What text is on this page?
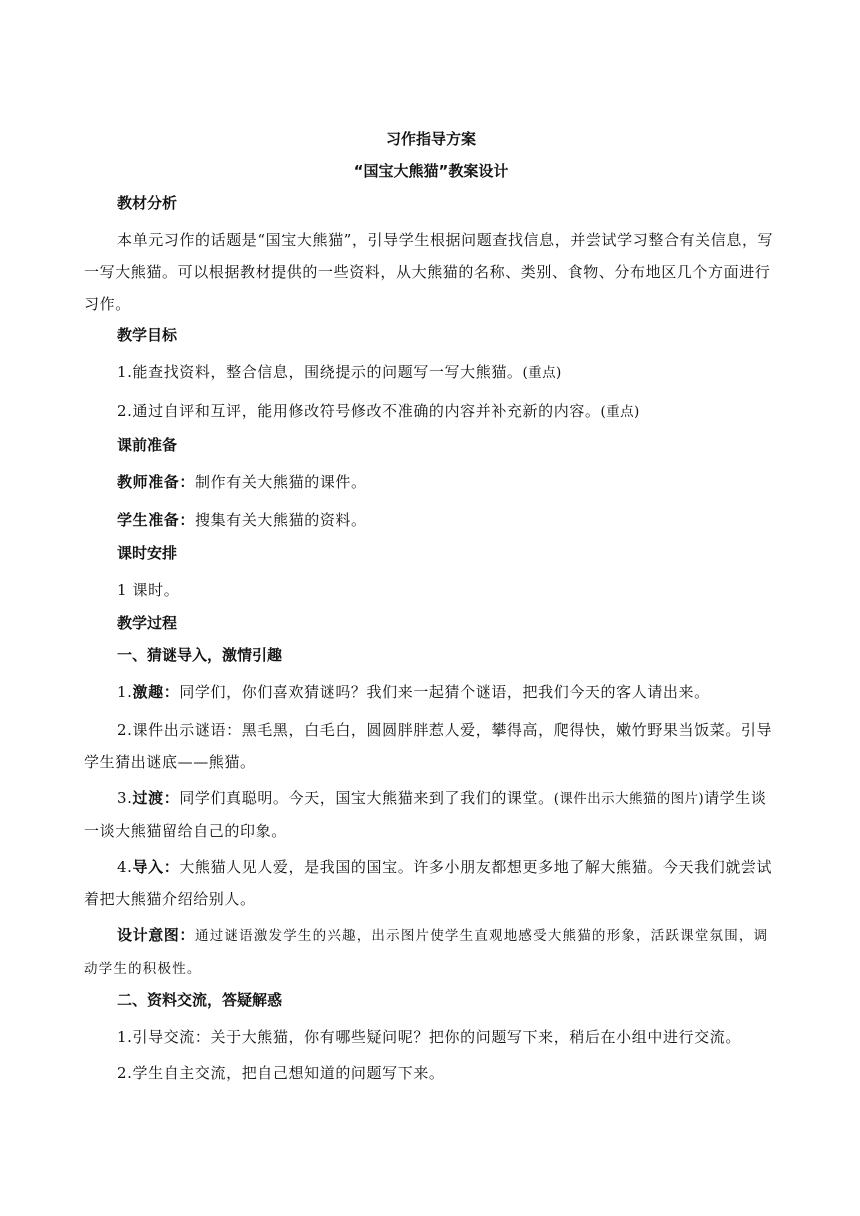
习作指导方案
“国宝大熊猫”教案设计
教材分析
本单元习作的话题是“国宝大熊猫”，引导学生根据问题查找信息，并尝试学习整合有关信息，写一写大熊猫。可以根据教材提供的一些资料，从大熊猫的名称、类别、食物、分布地区几个方面进行习作。
教学目标
1.能查找资料，整合信息，围绕提示的问题写一写大熊猫。(重点)
2.通过自评和互评，能用修改符号修改不准确的内容并补充新的内容。(重点)
课前准备
教师准备：制作有关大熊猫的课件。
学生准备：搜集有关大熊猫的资料。
课时安排
1 课时。
教学过程
一、猜谜导入，激情引趣
1.激趣：同学们，你们喜欢猜谜吗？我们来一起猜个谜语，把我们今天的客人请出来。
2.课件出示谜语：黑毛黑，白毛白，圆圆胖胖惹人爱，攀得高，爬得快，嫩竹野果当饭菜。引导学生猜出谜底——熊猫。
3.过渡：同学们真聪明。今天，国宝大熊猫来到了我们的课堂。(课件出示大熊猫的图片)请学生谈一谈大熊猫留给自己的印象。
4.导入：大熊猫人见人爱，是我国的国宝。许多小朋友都想更多地了解大熊猫。今天我们就尝试着把大熊猫介绍给别人。
设计意图：通过谜语激发学生的兴趣，出示图片使学生直观地感受大熊猫的形象，活跃课堂氛围，调动学生的积极性。
二、资料交流，答疑解惑
1.引导交流：关于大熊猫，你有哪些疑问呢？把你的问题写下来，稍后在小组中进行交流。
2.学生自主交流，把自己想知道的问题写下来。
